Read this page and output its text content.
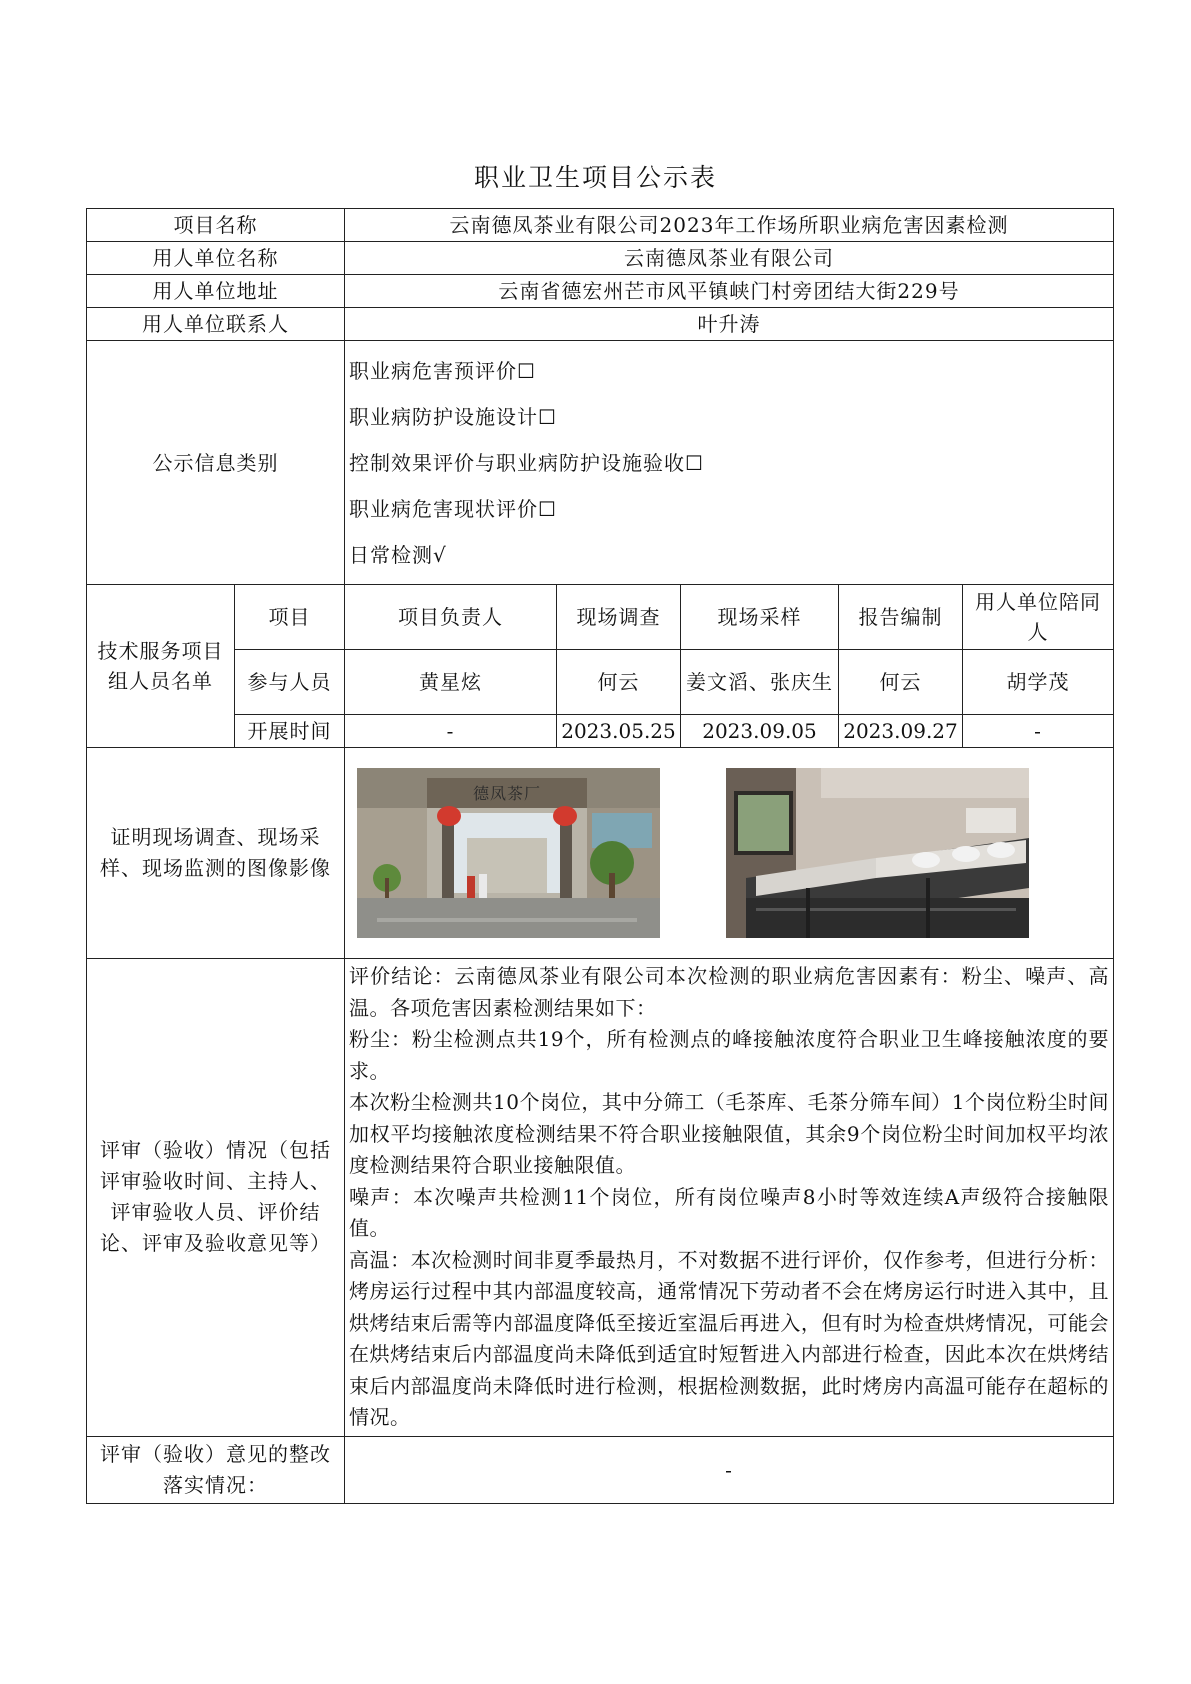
职业卫生项目公示表
项目名称		云南德凤茶业有限公司2023年工作场所职业病危害因素检测				
用人单位名称		云南德凤茶业有限公司				
用人单位地址		云南省德宏州芒市风平镇峡门村旁团结大街229号				
用人单位联系人		叶升涛				
公示信息类别		职业病危害预评价☐
职业病防护设施设计☐
控制效果评价与职业病防护设施验收☐
职业病危害现状评价☐
日常检测√				

技术服务项目组人员名单	项目	项目负责人	现场调查	现场采样	报告编制	用人单位陪同人
	参与人员	黄星炫	何云	姜文滔、张庆生	何云	胡学茂
	开展时间	-	2023.05.25	2023.09.05	2023.09.27	-
证明现场调查、现场采样、现场监测的图像影像		德凤茶厂				

评审（验收）情况（包括评审验收时间、主持人、评审验收人员、评价结论、评审及验收意见等）		评价结论：云南德凤茶业有限公司本次检测的职业病危害因素有：粉尘、噪声、高温。各项危害因素检测结果如下：

粉尘：粉尘检测点共19个，所有检测点的峰接触浓度符合职业卫生峰接触浓度的要求。

本次粉尘检测共10个岗位，其中分筛工（毛茶库、毛茶分筛车间）1个岗位粉尘时间加权平均接触浓度检测结果不符合职业接触限值，其余9个岗位粉尘时间加权平均浓度检测结果符合职业接触限值。

噪声：本次噪声共检测11个岗位，所有岗位噪声8小时等效连续A声级符合接触限值。

高温：本次检测时间非夏季最热月，不对数据不进行评价，仅作参考，但进行分析：烤房运行过程中其内部温度较高，通常情况下劳动者不会在烤房运行时进入其中，且烘烤结束后需等内部温度降低至接近室温后再进入，但有时为检查烘烤情况，可能会在烘烤结束后内部温度尚未降低到适宜时短暂进入内部进行检查，因此本次在烘烤结束后内部温度尚未降低时进行检测，根据检测数据，此时烤房内高温可能存在超标的情况。				

评审（验收）意见的整改落实情况：		-				
